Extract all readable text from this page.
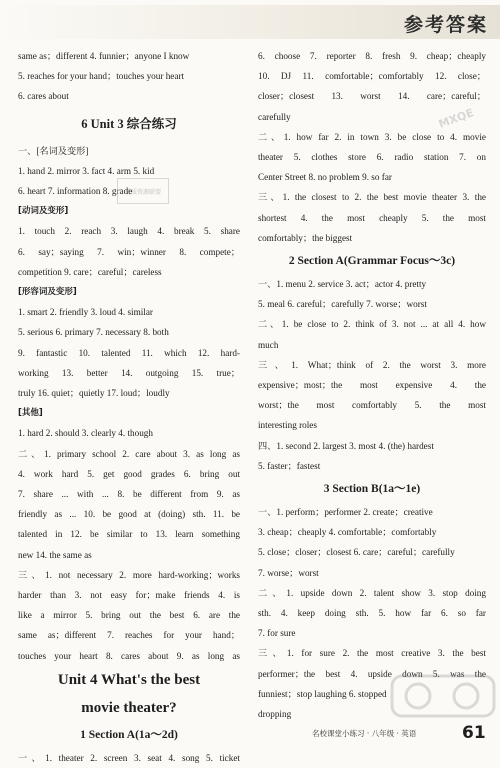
参考答案
same as；different 4. funnier；anyone I know
5. reaches for your hand；touches your heart
6. cares about
6 Unit 3 综合练习
一、[名词及变形]
1. hand 2. mirror 3. fact 4. arm 5. kid
6. heart 7. information 8. grade
[动词及变形]
1. touch 2. reach 3. laugh 4. break 5. share
6. say；saying 7. win；winner 8. compete；
competition 9. care；careful；careless
[形容词及变形]
1. smart 2. friendly 3. loud 4. similar
5. serious 6. primary 7. necessary 8. both
9. fantastic 10. talented 11. which 12. hard-
working 13. better 14. outgoing 15. true；
truly 16. quiet；quietly 17. loud；loudly
[其他]
1. hard 2. should 3. clearly 4. though
二、1. primary school 2. care about 3. as long as
4. work hard 5. get good grades 6. bring out
7. share ... with ... 8. be different from 9. as
friendly as ... 10. be good at (doing) sth. 11. be
talented in 12. be similar to 13. learn something
new 14. the same as
三、1. not necessary 2. more hard-working；works
harder than 3. not easy for；make friends 4. is
like a mirror 5. bring out the best 6. are the
same as；different 7. reaches for your hand；
touches your heart 8. cares about 9. as long as
Unit 4 What's the best
movie theater?
1 Section A(1a～2d)
一、1. theater 2. screen 3. seat 4. song 5. ticket
6. choose 7. reporter 8. fresh 9. cheap；cheaply
10. DJ 11. comfortable；comfortably 12. close；
closer；closest 13. worst 14. care；careful；
carefully
二、1. how far 2. in town 3. be close to 4. movie
theater 5. clothes store 6. radio station 7. on
Center Street 8. no problem 9. so far
三、1. the closest to 2. the best movie theater 3. the
shortest 4. the most cheaply 5. the most
comfortably；the biggest
2 Section A(Grammar Focus～3c)
一、1. menu 2. service 3. act；actor 4. pretty
5. meal 6. careful；carefully 7. worse；worst
二、1. be close to 2. think of 3. not ... at all 4. how
much
三、1. What；think of 2. the worst 3. more
expensive；most；the most expensive 4. the
worst；the most comfortably 5. the most
interesting roles
四、1. second 2. largest 3. most 4. (the) hardest
5. faster；fastest
3 Section B(1a～1e)
一、1. perform；performer 2. create；creative
3. cheap；cheaply 4. comfortable；comfortably
5. close；closer；closest 6. care；careful；carefully
7. worse；worst
二、1. upside down 2. talent show 3. stop doing
sth. 4. keep doing sth. 5. how far 6. so far
7. for sure
三、1. for sure 2. the most creative 3. the best
performer；the best 4. upside down 5. was the
funniest；stop laughing 6. stopped
dropping
优质资源联盟
MXQE
名校课堂小练习 · 八年级 · 英语	61
